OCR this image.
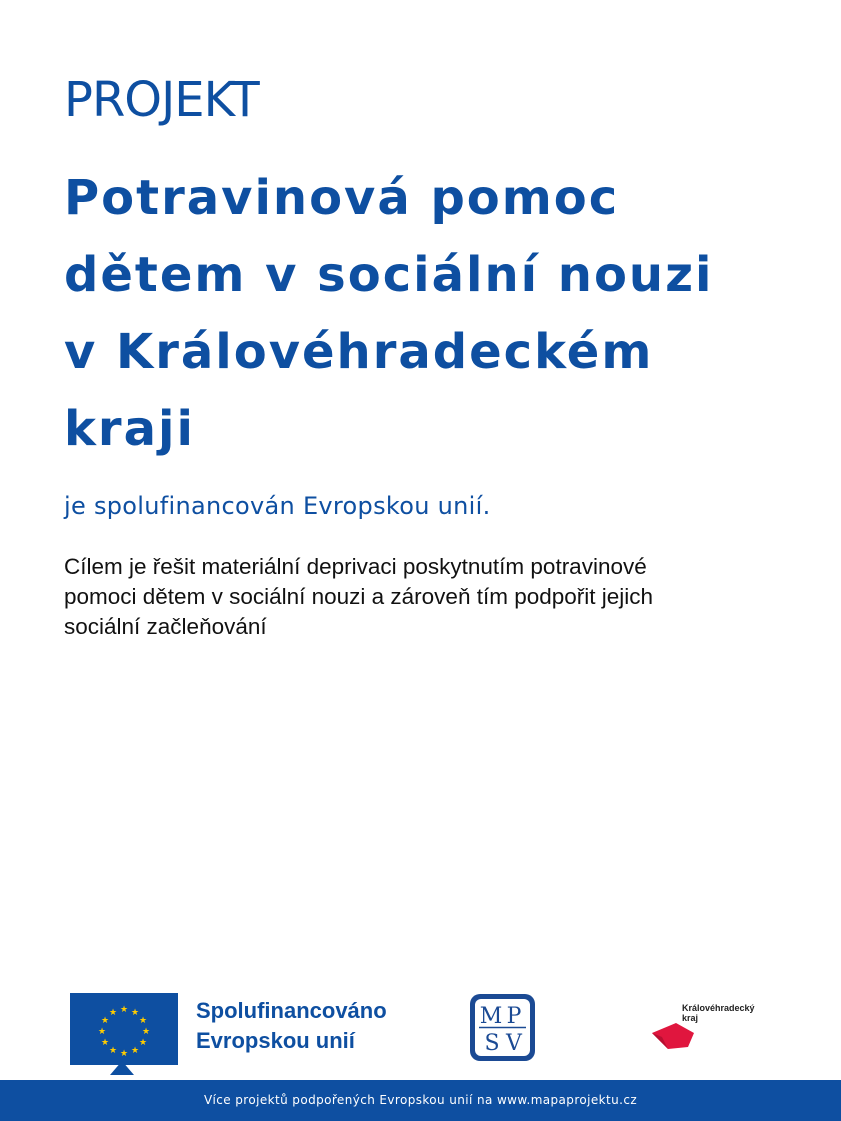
PROJEKT
Potravinová pomoc
dětem v sociální nouzi
v Královéhradeckém
kraji
je spolufinancován Evropskou unií.
Cílem je řešit materiální deprivaci poskytnutím potravinové
pomoci dětem v sociální nouzi a zároveň tím podpořit jejich
sociální začleňování
★ ★
★
★
★
★
★
★
★
★
★
★	Spolufinancováno
Evropskou unií
M P
S V
Královéhradecký
kraj
Více projektů podpořených Evropskou unií na www.mapaprojektu.cz
